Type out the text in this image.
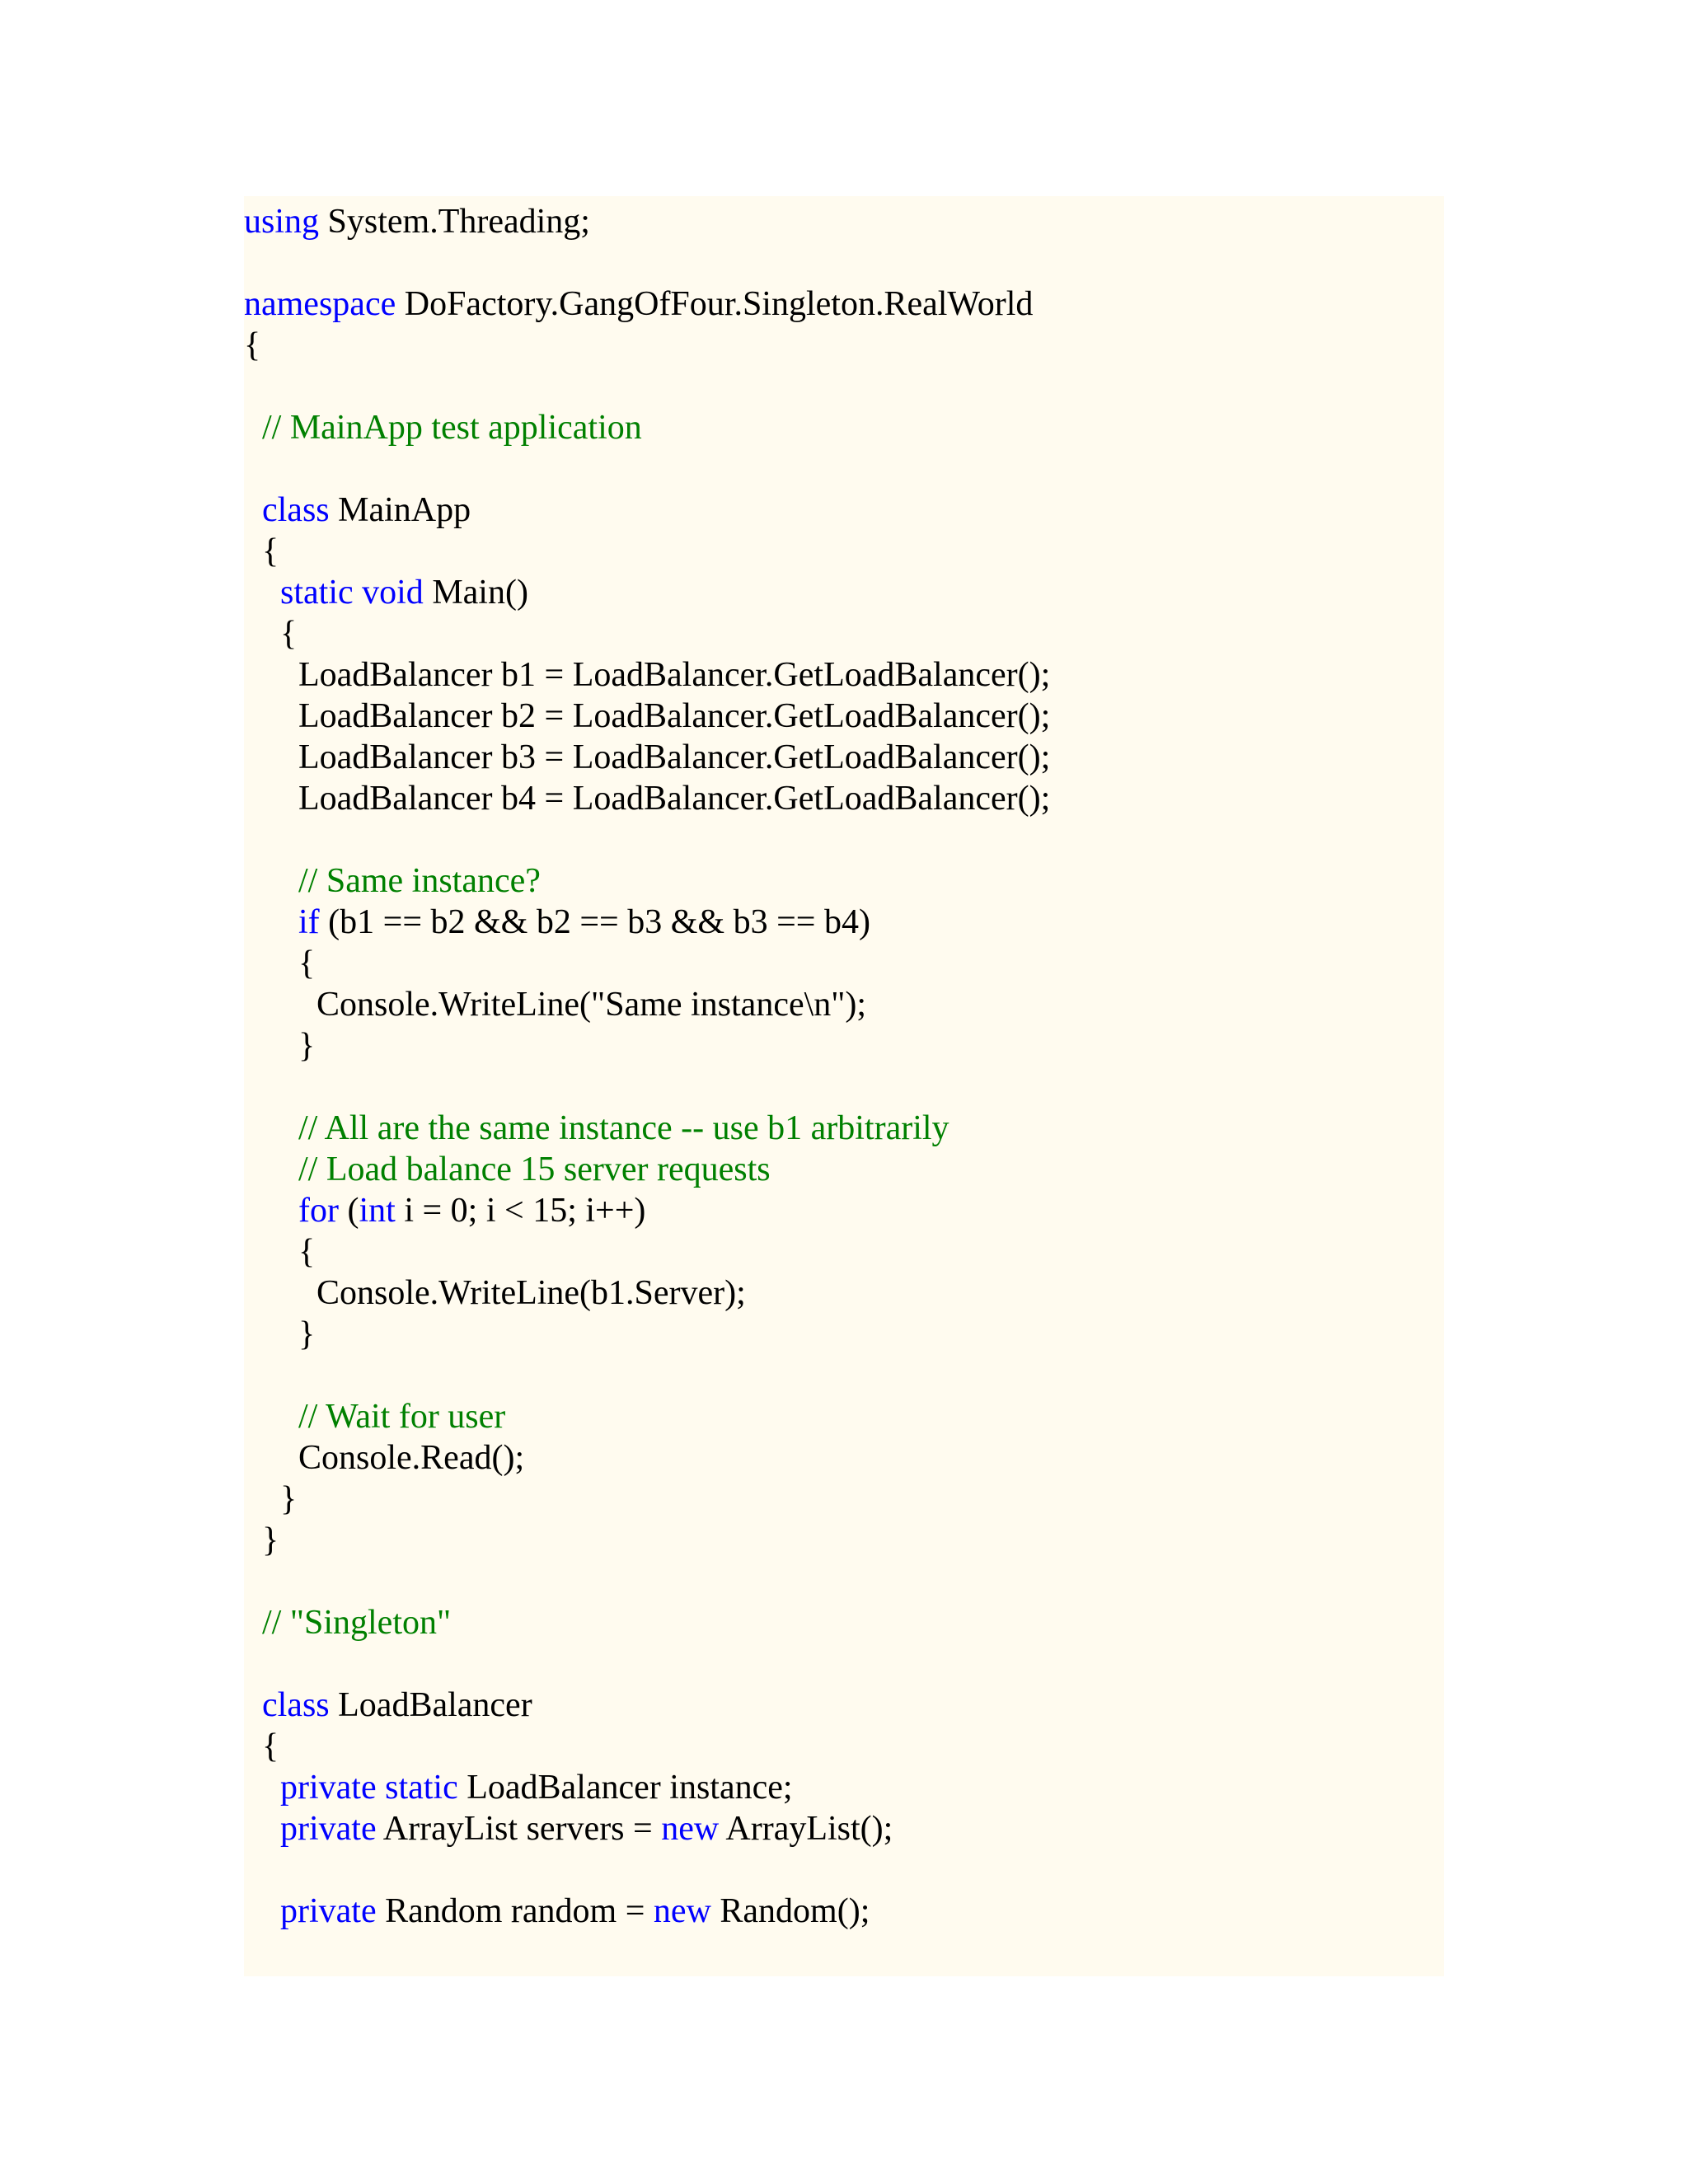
using System.Threading;
namespace DoFactory.GangOfFour.Singleton.RealWorld
{
// MainApp test application
class MainApp
{
static void Main()
{
LoadBalancer b1 = LoadBalancer.GetLoadBalancer();
LoadBalancer b2 = LoadBalancer.GetLoadBalancer();
LoadBalancer b3 = LoadBalancer.GetLoadBalancer();
LoadBalancer b4 = LoadBalancer.GetLoadBalancer();
// Same instance?
if (b1 == b2 && b2 == b3 && b3 == b4)
{
Console.WriteLine("Same instance\n");
}
// All are the same instance -- use b1 arbitrarily
// Load balance 15 server requests
for (int i = 0; i < 15; i++)
{
Console.WriteLine(b1.Server);
}
// Wait for user
Console.Read();
}
}
// "Singleton"
class LoadBalancer
{
private static LoadBalancer instance;
private ArrayList servers = new ArrayList();
private Random random = new Random();
